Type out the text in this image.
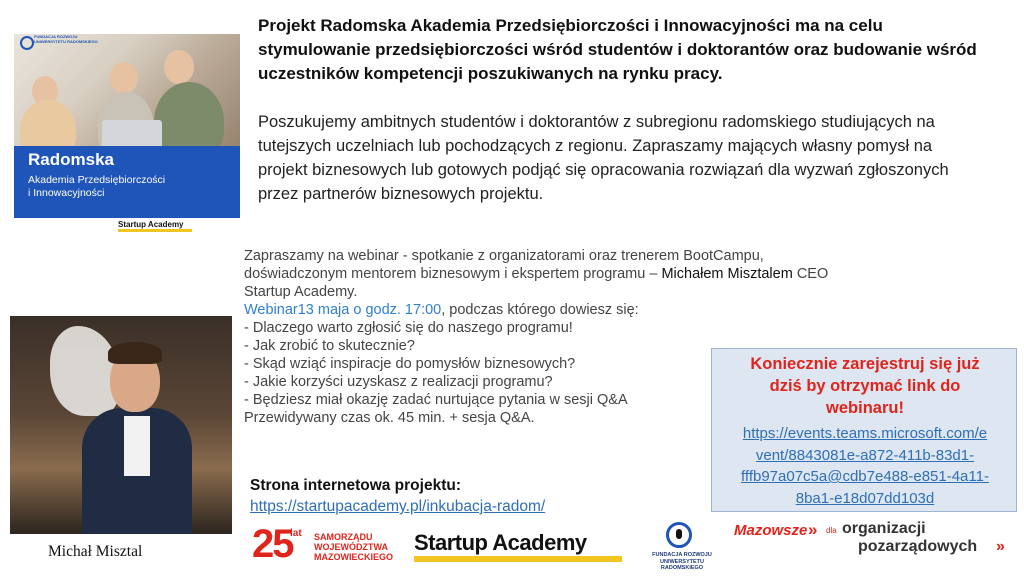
Radomska
Akademia Przedsiębiorczości
i Innowacyjności
FUNDACJA ROZWOJU
UNIWERSYTETU RADOMSKIEGO
Startup Academy
Projekt Radomska Akademia Przedsiębiorczości i Innowacyjności ma na celu stymulowanie przedsiębiorczości wśród studentów i doktorantów oraz budowanie wśród uczestników kompetencji poszukiwanych na rynku pracy.
Poszukujemy ambitnych studentów i doktorantów z subregionu radomskiego studiujących na tutejszych uczelniach lub pochodzących z regionu. Zapraszamy mających własny pomysł na projekt biznesowych lub gotowych podjąć się opracowania rozwiązań dla wyzwań zgłoszonych przez partnerów biznesowych projektu.
Zapraszamy na webinar - spotkanie z organizatorami oraz trenerem BootCampu,
doświadczonym mentorem biznesowym i ekspertem programu – Michałem Misztalem CEO
Startup Academy.
Webinar13 maja o godz. 17:00, podczas którego dowiesz się:
- Dlaczego warto zgłosić się do naszego programu!
- Jak zrobić to skutecznie?
- Skąd wziąć inspiracje do pomysłów biznesowych?
- Jakie korzyści uzyskasz z realizacji programu?
- Będziesz miał okazję zadać nurtujące pytania w sesji Q&A
Przewidywany czas ok. 45 min. + sesja Q&A.
Michał Misztal
Koniecznie zarejestruj się już
dziś by otrzymać link do
webinaru!
https://events.teams.microsoft.com/e
vent/8843081e-a872-411b-83d1-
fffb97a07c5a@cdb7e488-e851-4a11-
8ba1-e18d07dd103d
Strona internetowa projektu:
https://startupacademy.pl/inkubacja-radom/
25
lat SAMORZĄDU
WOJEWÓDZTWA
MAZOWIECKIEGO
Startup Academy	FUNDACJA ROZWOJU
UNIWERSYTETU RADOMSKIEGO
Mazowsze » dla organizacji
pozarządowych »
